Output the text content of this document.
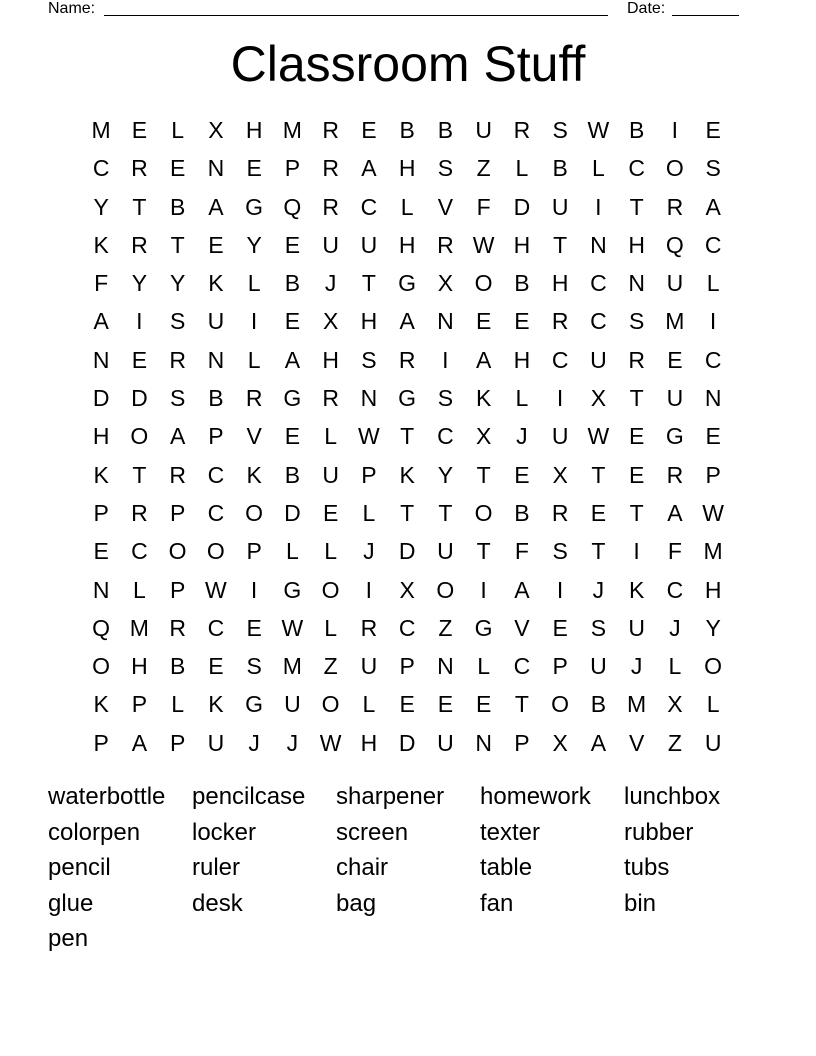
Name:	Date:
Classroom Stuff
M E	L	X H M R E B B U R S W B	I	E
C R E N E P R A H S	Z	L	B	L	C O S
Y	T	B A G Q R C	L	V	F D U	I	T R A
K R T	E Y E U U H R W H T N H Q C
F	Y Y K	L	B	J	T G X O B H C N U	L
A	I	S U	I	E X H A N E E R C S M	I
N E R N	L	A H S R	I	A H C U R E C
D D S B R G R N G S K	L	I	X	T U N
H O A P V E	L W T C X	J	U W E G E
K	T R C K B U P K Y	T	E X	T	E R P
P R P C O D E	L	T	T O B R E	T	A W
E C O O P	L	L	J	D U T	F	S	T	I	F M
N	L	P W	I	G O	I	X O	I	A	I	J	K C H
Q M R C E W L	R C Z G V E S U	J	Y
O H B E S M Z U P N	L	C P U	J	L O
K P	L	K G U O L	E E E	T O B M X	L
P A P U	J	J W H D U N P X A V	Z U
waterbottle	pencilcase	sharpener	homework	lunchbox
colorpen	locker	screen	texter	rubber
pencil	ruler	chair	table	tubs
glue	desk	bag	fan	bin
pen
